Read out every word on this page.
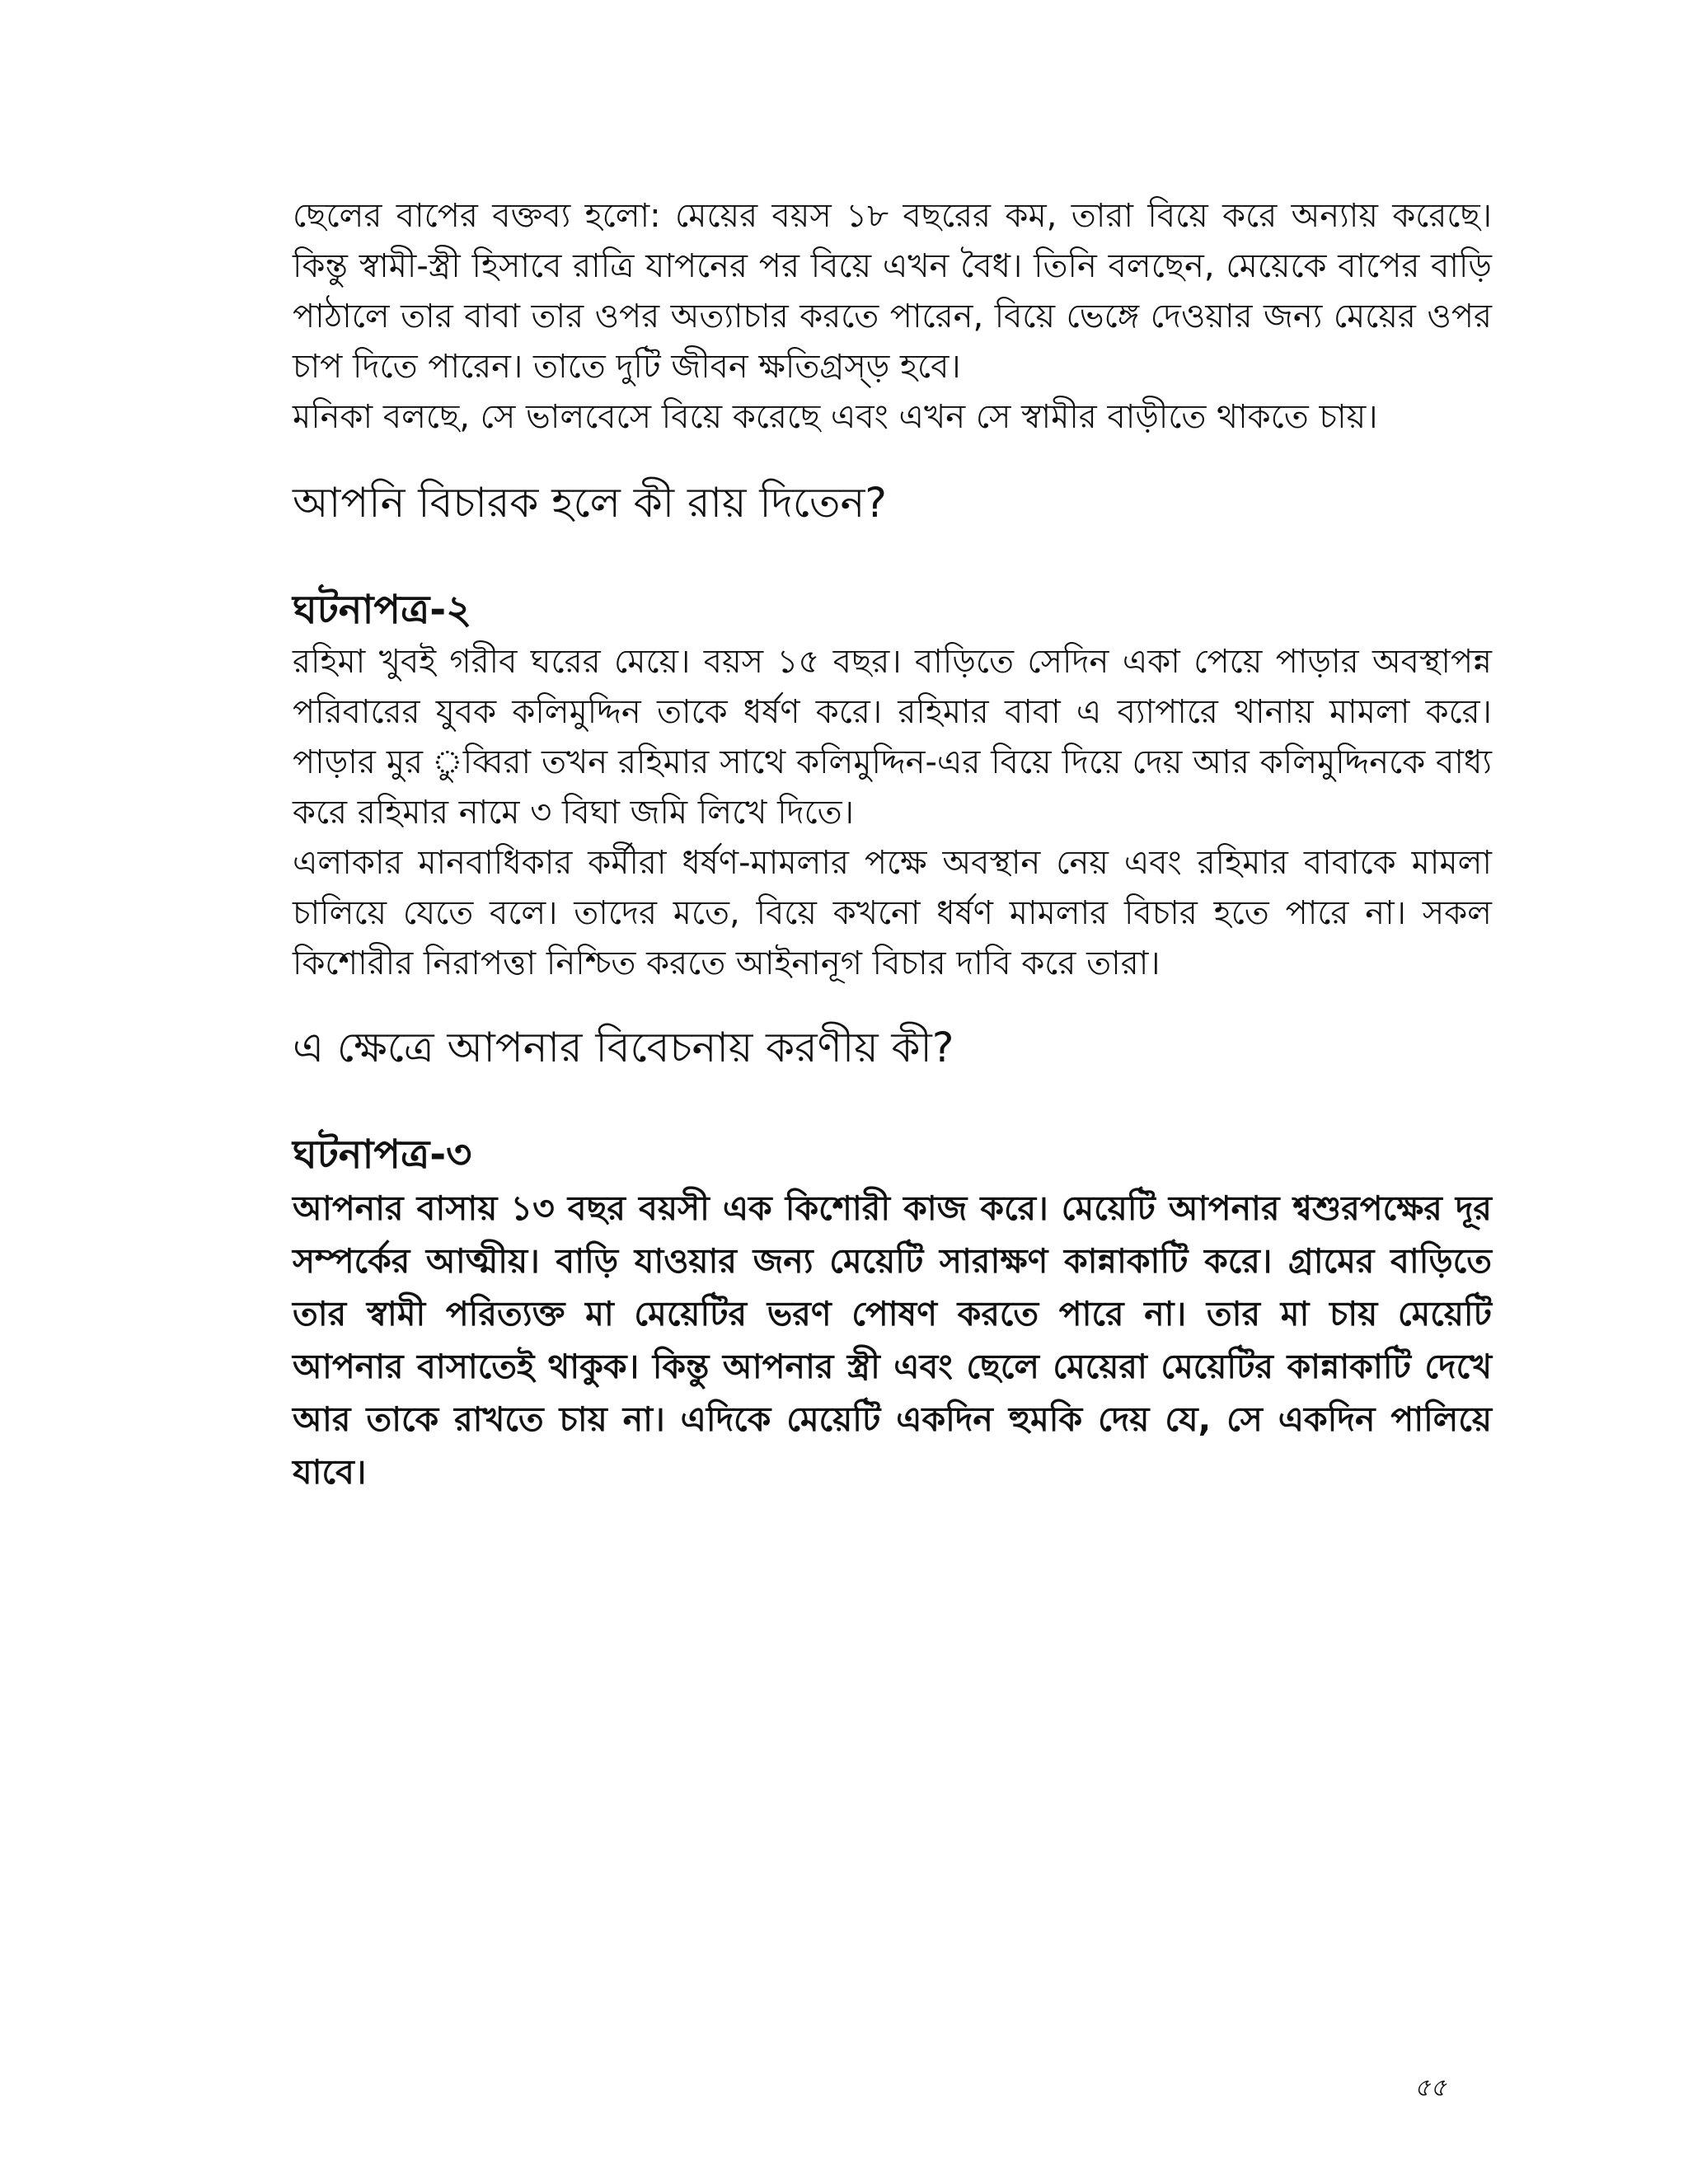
ছেলের বাপের বক্তব্য হলো: মেয়ের বয়স ১৮ বছরের কম, তারা বিয়ে করে অন্যায় করেছে। কিন্তু স্বামী-স্ত্রী হিসাবে রাত্রি যাপনের পর বিয়ে এখন বৈধ। তিনি বলছেন, মেয়েকে বাপের বাড়ি পাঠালে তার বাবা তার ওপর অত্যাচার করতে পারেন, বিয়ে ভেঙ্গে দেওয়ার জন্য মেয়ের ওপর চাপ দিতে পারেন। তাতে দুটি জীবন ক্ষতিগ্রস্ড় হবে।

মনিকা বলছে, সে ভালবেসে বিয়ে করেছে এবং এখন সে স্বামীর বাড়ীতে থাকতে চায়।

আপনি বিচারক হলে কী রায় দিতেন?

ঘটনাপত্র-২

রহিমা খুবই গরীব ঘরের মেয়ে। বয়স ১৫ বছর। বাড়িতে সেদিন একা পেয়ে পাড়ার অবস্থাপন্ন পরিবারের যুবক কলিমুদ্দিন তাকে ধর্ষণ করে। রহিমার বাবা এ ব্যাপারে থানায় মামলা করে। পাড়ার মুর ুব্বিরা তখন রহিমার সাথে কলিমুদ্দিন-এর বিয়ে দিয়ে দেয় আর কলিমুদ্দিনকে বাধ্য করে রহিমার নামে ৩ বিঘা জমি লিখে দিতে।

এলাকার মানবাধিকার কর্মীরা ধর্ষণ-মামলার পক্ষে অবস্থান নেয় এবং রহিমার বাবাকে মামলা চালিয়ে যেতে বলে। তাদের মতে, বিয়ে কখনো ধর্ষণ মামলার বিচার হতে পারে না। সকল কিশোরীর নিরাপত্তা নিশ্চিত করতে আইনানূগ বিচার দাবি করে তারা।

এ ক্ষেত্রে আপনার বিবেচনায় করণীয় কী?

ঘটনাপত্র-৩

আপনার বাসায় ১৩ বছর বয়সী এক কিশোরী কাজ করে। মেয়েটি আপনার শ্বশুরপক্ষের দূর সম্পর্কের আত্মীয়। বাড়ি যাওয়ার জন্য মেয়েটি সারাক্ষণ কান্নাকাটি করে। গ্রামের বাড়িতে তার স্বামী পরিত্যক্ত মা মেয়েটির ভরণ পোষণ করতে পারে না। তার মা চায় মেয়েটি আপনার বাসাতেই থাকুক। কিন্তু আপনার স্ত্রী এবং ছেলে মেয়েরা মেয়েটির কান্নাকাটি দেখে আর তাকে রাখতে চায় না। এদিকে মেয়েটি একদিন হুমকি দেয় যে, সে একদিন পালিয়ে যাবে।

৫৫
